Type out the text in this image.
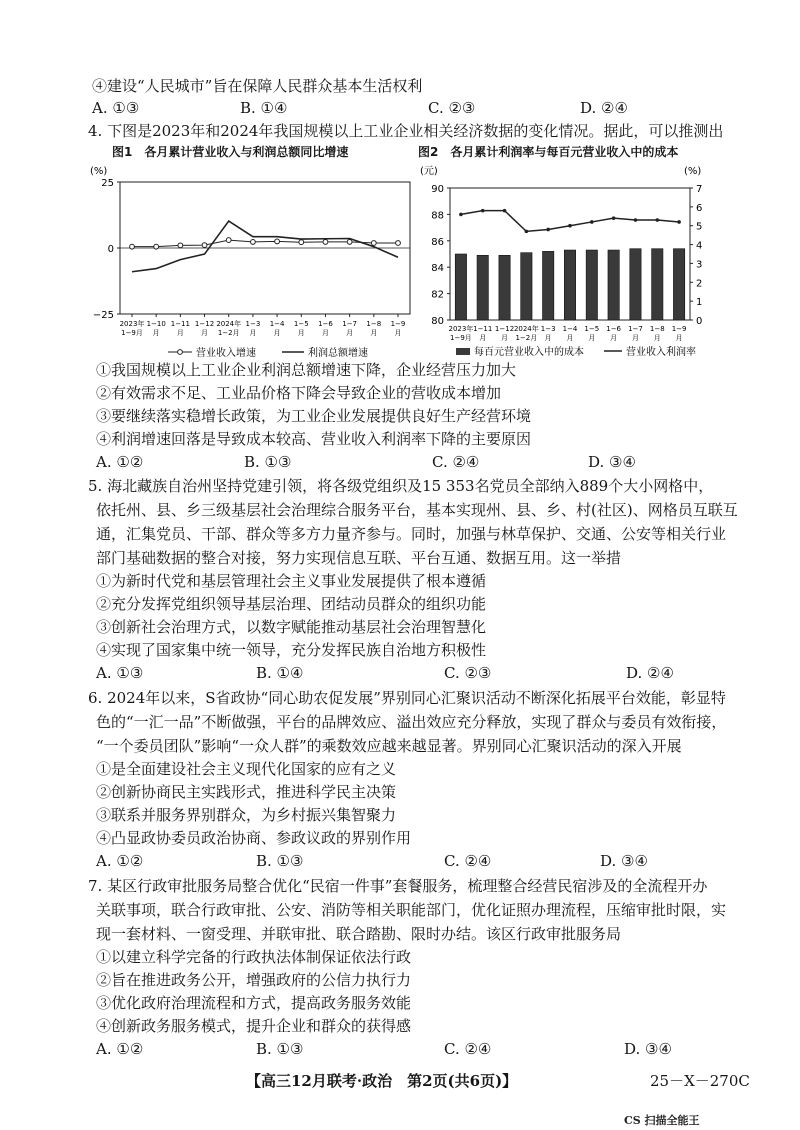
④建设“人民城市”旨在保障人民群众基本生活权利
A. ①③	B. ①④	C. ②③	D. ②④
4. 下图是2023年和2024年我国规模以上工业企业相关经济数据的变化情况。据此，可以推测出
图1　各月累计营业收入与利润总额同比增速	图2　各月累计利润率与每百元营业收入中的成本
(%)
25
0
−25
2023年
1−9月
1−10
月
1−11
月
1−12
月
2024年
1−2月
1−3
月
1−4
月
1−5
月
1−6
月
1−7
月
1−8
月
1−9
月
营业收入增速	利润总额增速
(元)	(%)
90
88
86
84
82
80
7
6
5
4
3
2
1
0
2023年
1−9月
1−11
月
1−12
月
2024年
1−2月
1−3
月
1−4
月
1−5
月
1−6
月
1−7
月
1−8
月
1−9
月
每百元营业收入中的成本	营业收入利润率
①我国规模以上工业企业利润总额增速下降，企业经营压力加大
②有效需求不足、工业品价格下降会导致企业的营收成本增加
③要继续落实稳增长政策，为工业企业发展提供良好生产经营环境
④利润增速回落是导致成本较高、营业收入利润率下降的主要原因
A. ①②	B. ①③	C. ②④	D. ③④
5. 海北藏族自治州坚持党建引领，将各级党组织及15 353名党员全部纳入889个大小网格中，
依托州、县、乡三级基层社会治理综合服务平台，基本实现州、县、乡、村(社区)、网格员互联互
通，汇集党员、干部、群众等多方力量齐参与。同时，加强与林草保护、交通、公安等相关行业
部门基础数据的整合对接，努力实现信息互联、平台互通、数据互用。这一举措
①为新时代党和基层管理社会主义事业发展提供了根本遵循
②充分发挥党组织领导基层治理、团结动员群众的组织功能
③创新社会治理方式，以数字赋能推动基层社会治理智慧化
④实现了国家集中统一领导，充分发挥民族自治地方积极性
A. ①③	B. ①④	C. ②③	D. ②④
6. 2024年以来，S省政协“同心助农促发展”界别同心汇聚识活动不断深化拓展平台效能，彰显特
色的“一汇一品”不断做强，平台的品牌效应、溢出效应充分释放，实现了群众与委员有效衔接，
“一个委员团队”影响“一众人群”的乘数效应越来越显著。界别同心汇聚识活动的深入开展
①是全面建设社会主义现代化国家的应有之义
②创新协商民主实践形式，推进科学民主决策
③联系并服务界别群众，为乡村振兴集智聚力
④凸显政协委员政治协商、参政议政的界别作用
A. ①②	B. ①③	C. ②④	D. ③④
7. 某区行政审批服务局整合优化“民宿一件事”套餐服务，梳理整合经营民宿涉及的全流程开办
关联事项，联合行政审批、公安、消防等相关职能部门，优化证照办理流程，压缩审批时限，实
现一套材料、一窗受理、并联审批、联合踏勘、限时办结。该区行政审批服务局
①以建立科学完备的行政执法体制保证依法行政
②旨在推进政务公开，增强政府的公信力执行力
③优化政府治理流程和方式，提高政务服务效能
④创新政务服务模式，提升企业和群众的获得感
A. ①②	B. ①③	C. ②④	D. ③④
【高三12月联考·政治　第2页(共6页)】	25－X－270C
CS 扫描全能王
